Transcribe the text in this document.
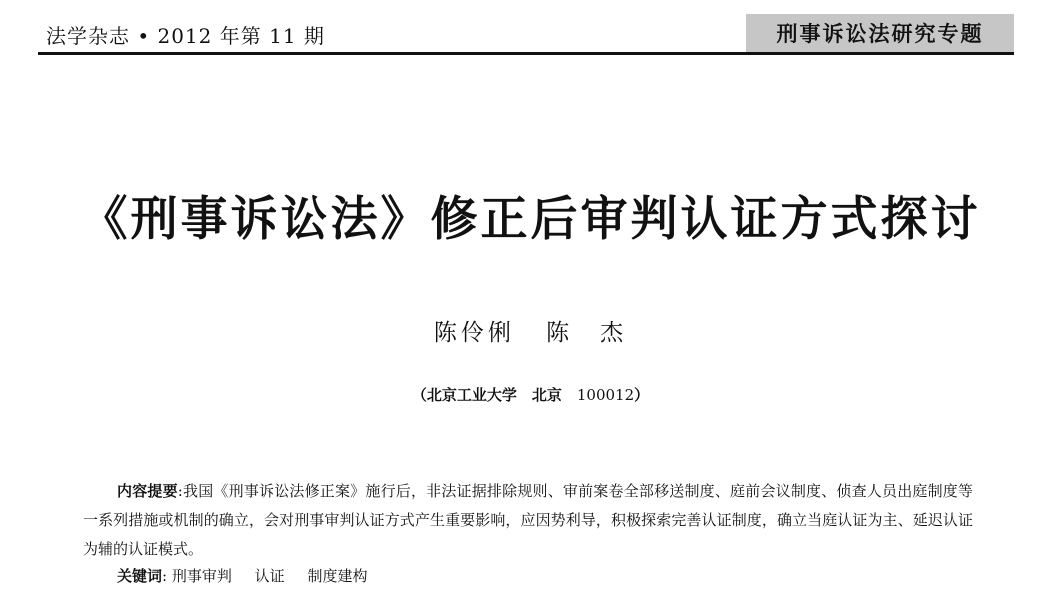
法学杂志 • 2012 年第 11 期	刑事诉讼法研究专题
《刑事诉讼法》修正后审判认证方式探讨
陈伶俐 陈　杰
（北京工业大学　北京　 100012）
内容提要:我国《刑事诉讼法修正案》施行后，非法证据排除规则、审前案卷全部移送制度、庭前会议制度、侦查人员出庭制度等一系列措施或机制的确立，会对刑事审判认证方式产生重要影响，应因势利导，积极探索完善认证制度，确立当庭认证为主、延迟认证为辅的认证模式。
关键词: 刑事审判 认证 制度建构
